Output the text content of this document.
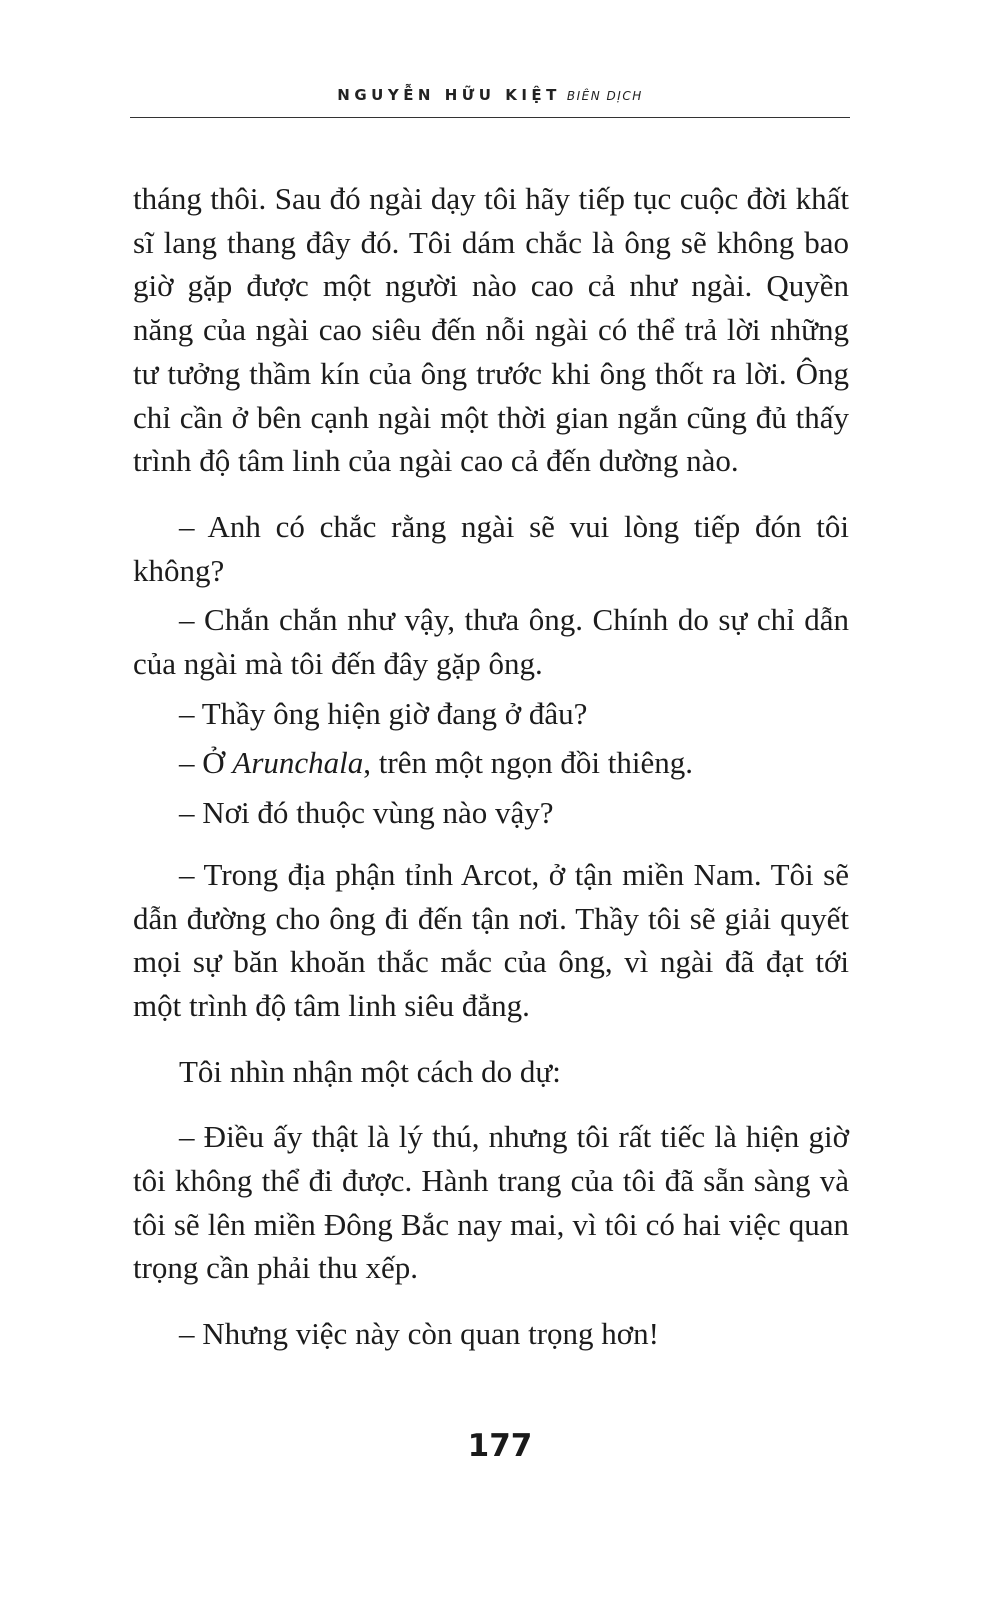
NGUYỄN HỮU KIỆT BIÊN DỊCH

tháng thôi. Sau đó ngài dạy tôi hãy tiếp tục cuộc đời khất sĩ lang thang đây đó. Tôi dám chắc là ông sẽ không bao giờ gặp được một người nào cao cả như ngài. Quyền năng của ngài cao siêu đến nỗi ngài có thể trả lời những tư tưởng thầm kín của ông trước khi ông thốt ra lời. Ông chỉ cần ở bên cạnh ngài một thời gian ngắn cũng đủ thấy trình độ tâm linh của ngài cao cả đến dường nào.

– Anh có chắc rằng ngài sẽ vui lòng tiếp đón tôi không?

– Chắn chắn như vậy, thưa ông. Chính do sự chỉ dẫn của ngài mà tôi đến đây gặp ông.

– Thầy ông hiện giờ đang ở đâu?

– Ở Arunchala, trên một ngọn đồi thiêng.

– Nơi đó thuộc vùng nào vậy?

– Trong địa phận tỉnh Arcot, ở tận miền Nam. Tôi sẽ dẫn đường cho ông đi đến tận nơi. Thầy tôi sẽ giải quyết mọi sự băn khoăn thắc mắc của ông, vì ngài đã đạt tới một trình độ tâm linh siêu đẳng.

Tôi nhìn nhận một cách do dự:

– Điều ấy thật là lý thú, nhưng tôi rất tiếc là hiện giờ tôi không thể đi được. Hành trang của tôi đã sẵn sàng và tôi sẽ lên miền Đông Bắc nay mai, vì tôi có hai việc quan trọng cần phải thu xếp.

– Nhưng việc này còn quan trọng hơn!

177
